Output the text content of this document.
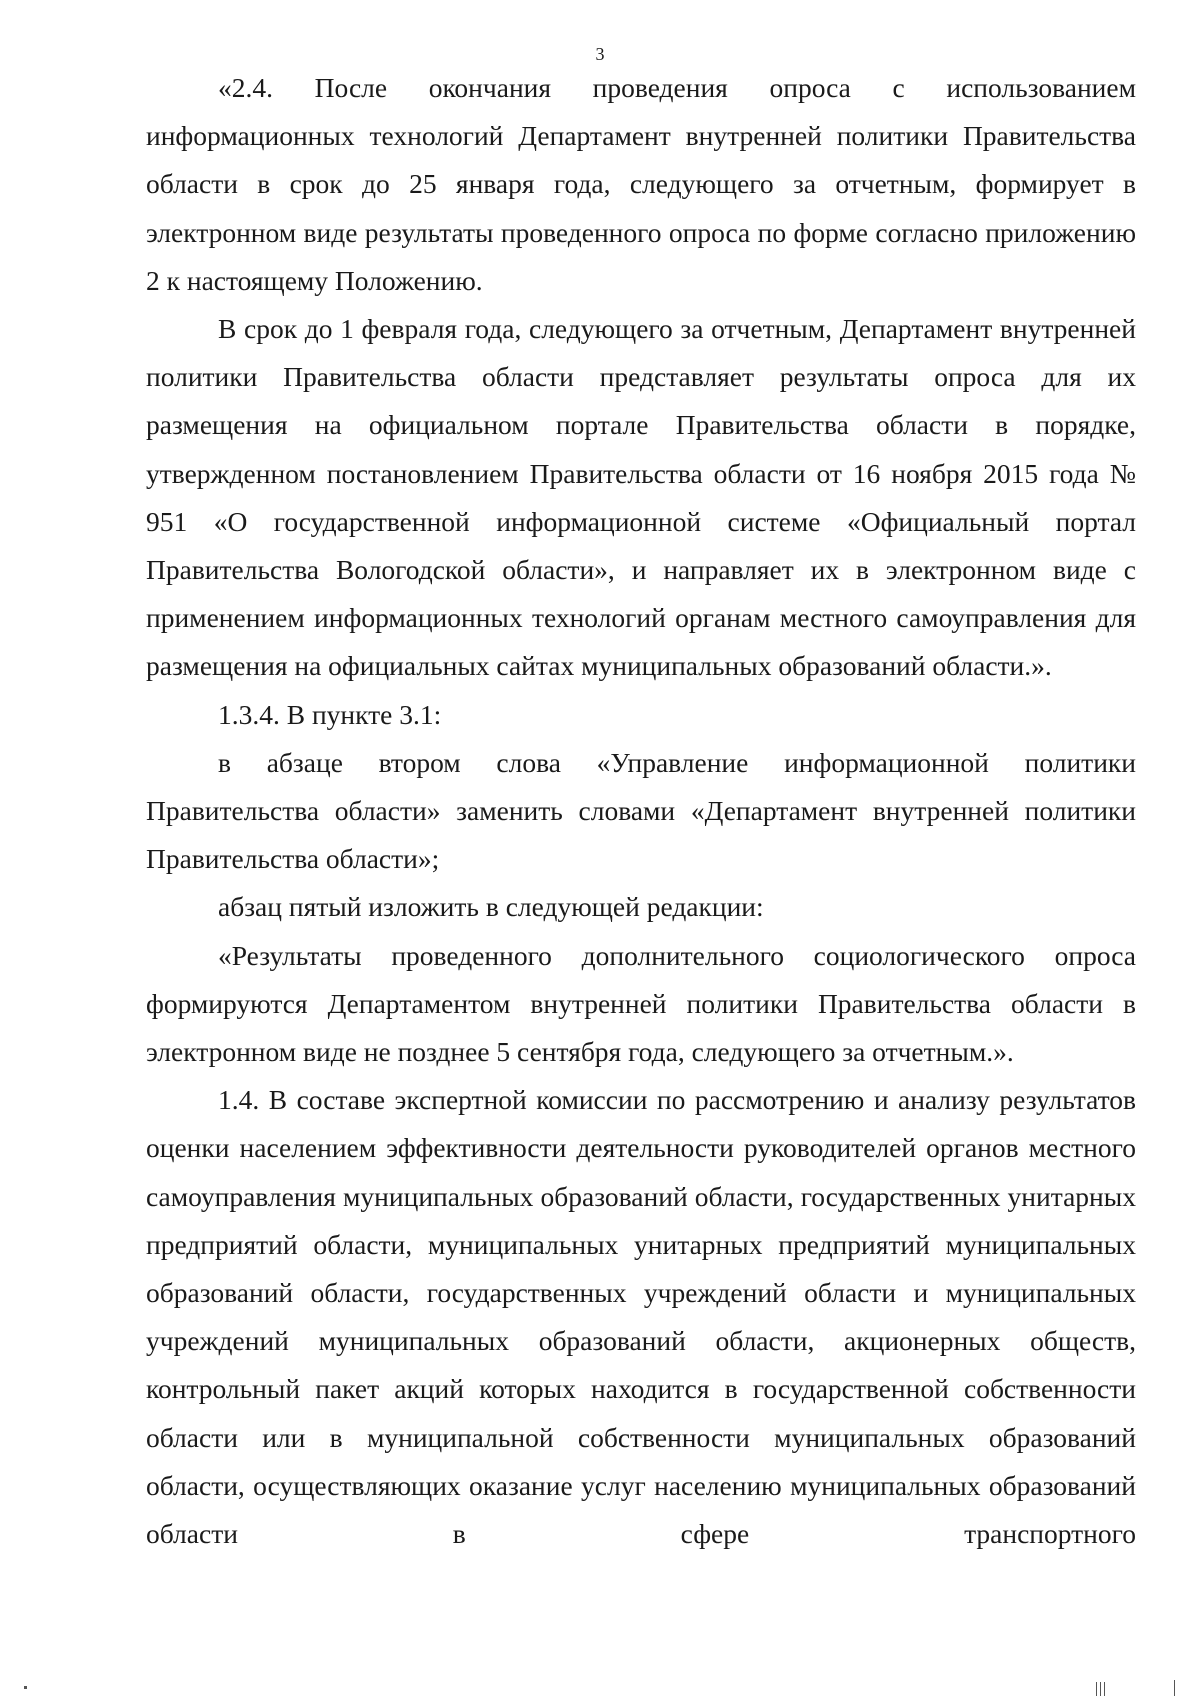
3

«2.4. После окончания проведения опроса с использованием информационных технологий Департамент внутренней политики Правительства области в срок до 25 января года, следующего за отчетным, формирует в электронном виде результаты проведенного опроса по форме согласно приложению 2 к настоящему Положению.

В срок до 1 февраля года, следующего за отчетным, Департамент внутренней политики Правительства области представляет результаты опроса для их размещения на официальном портале Правительства области в порядке, утвержденном постановлением Правительства области от 16 ноября 2015 года № 951 «О государственной информационной системе «Официальный портал Правительства Вологодской области», и направляет их в электронном виде с применением информационных технологий органам местного самоуправления для размещения на официальных сайтах муниципальных образований области.».

1.3.4. В пункте 3.1:

в абзаце втором слова «Управление информационной политики Правительства области» заменить словами «Департамент внутренней политики Правительства области»;

абзац пятый изложить в следующей редакции:

«Результаты проведенного дополнительного социологического опроса формируются Департаментом внутренней политики Правительства области в электронном виде не позднее 5 сентября года, следующего за отчетным.».

1.4. В составе экспертной комиссии по рассмотрению и анализу результатов оценки населением эффективности деятельности руководителей органов местного самоуправления муниципальных образований области, государственных унитарных предприятий области, муниципальных унитарных предприятий муниципальных образований области, государственных учреждений области и муниципальных учреждений муниципальных образований области, акционерных обществ, контрольный пакет акций которых находится в государственной собственности области или в муниципальной собственности муниципальных образований области, осуществляющих оказание услуг населению муниципальных образований области в сфере транспортного
